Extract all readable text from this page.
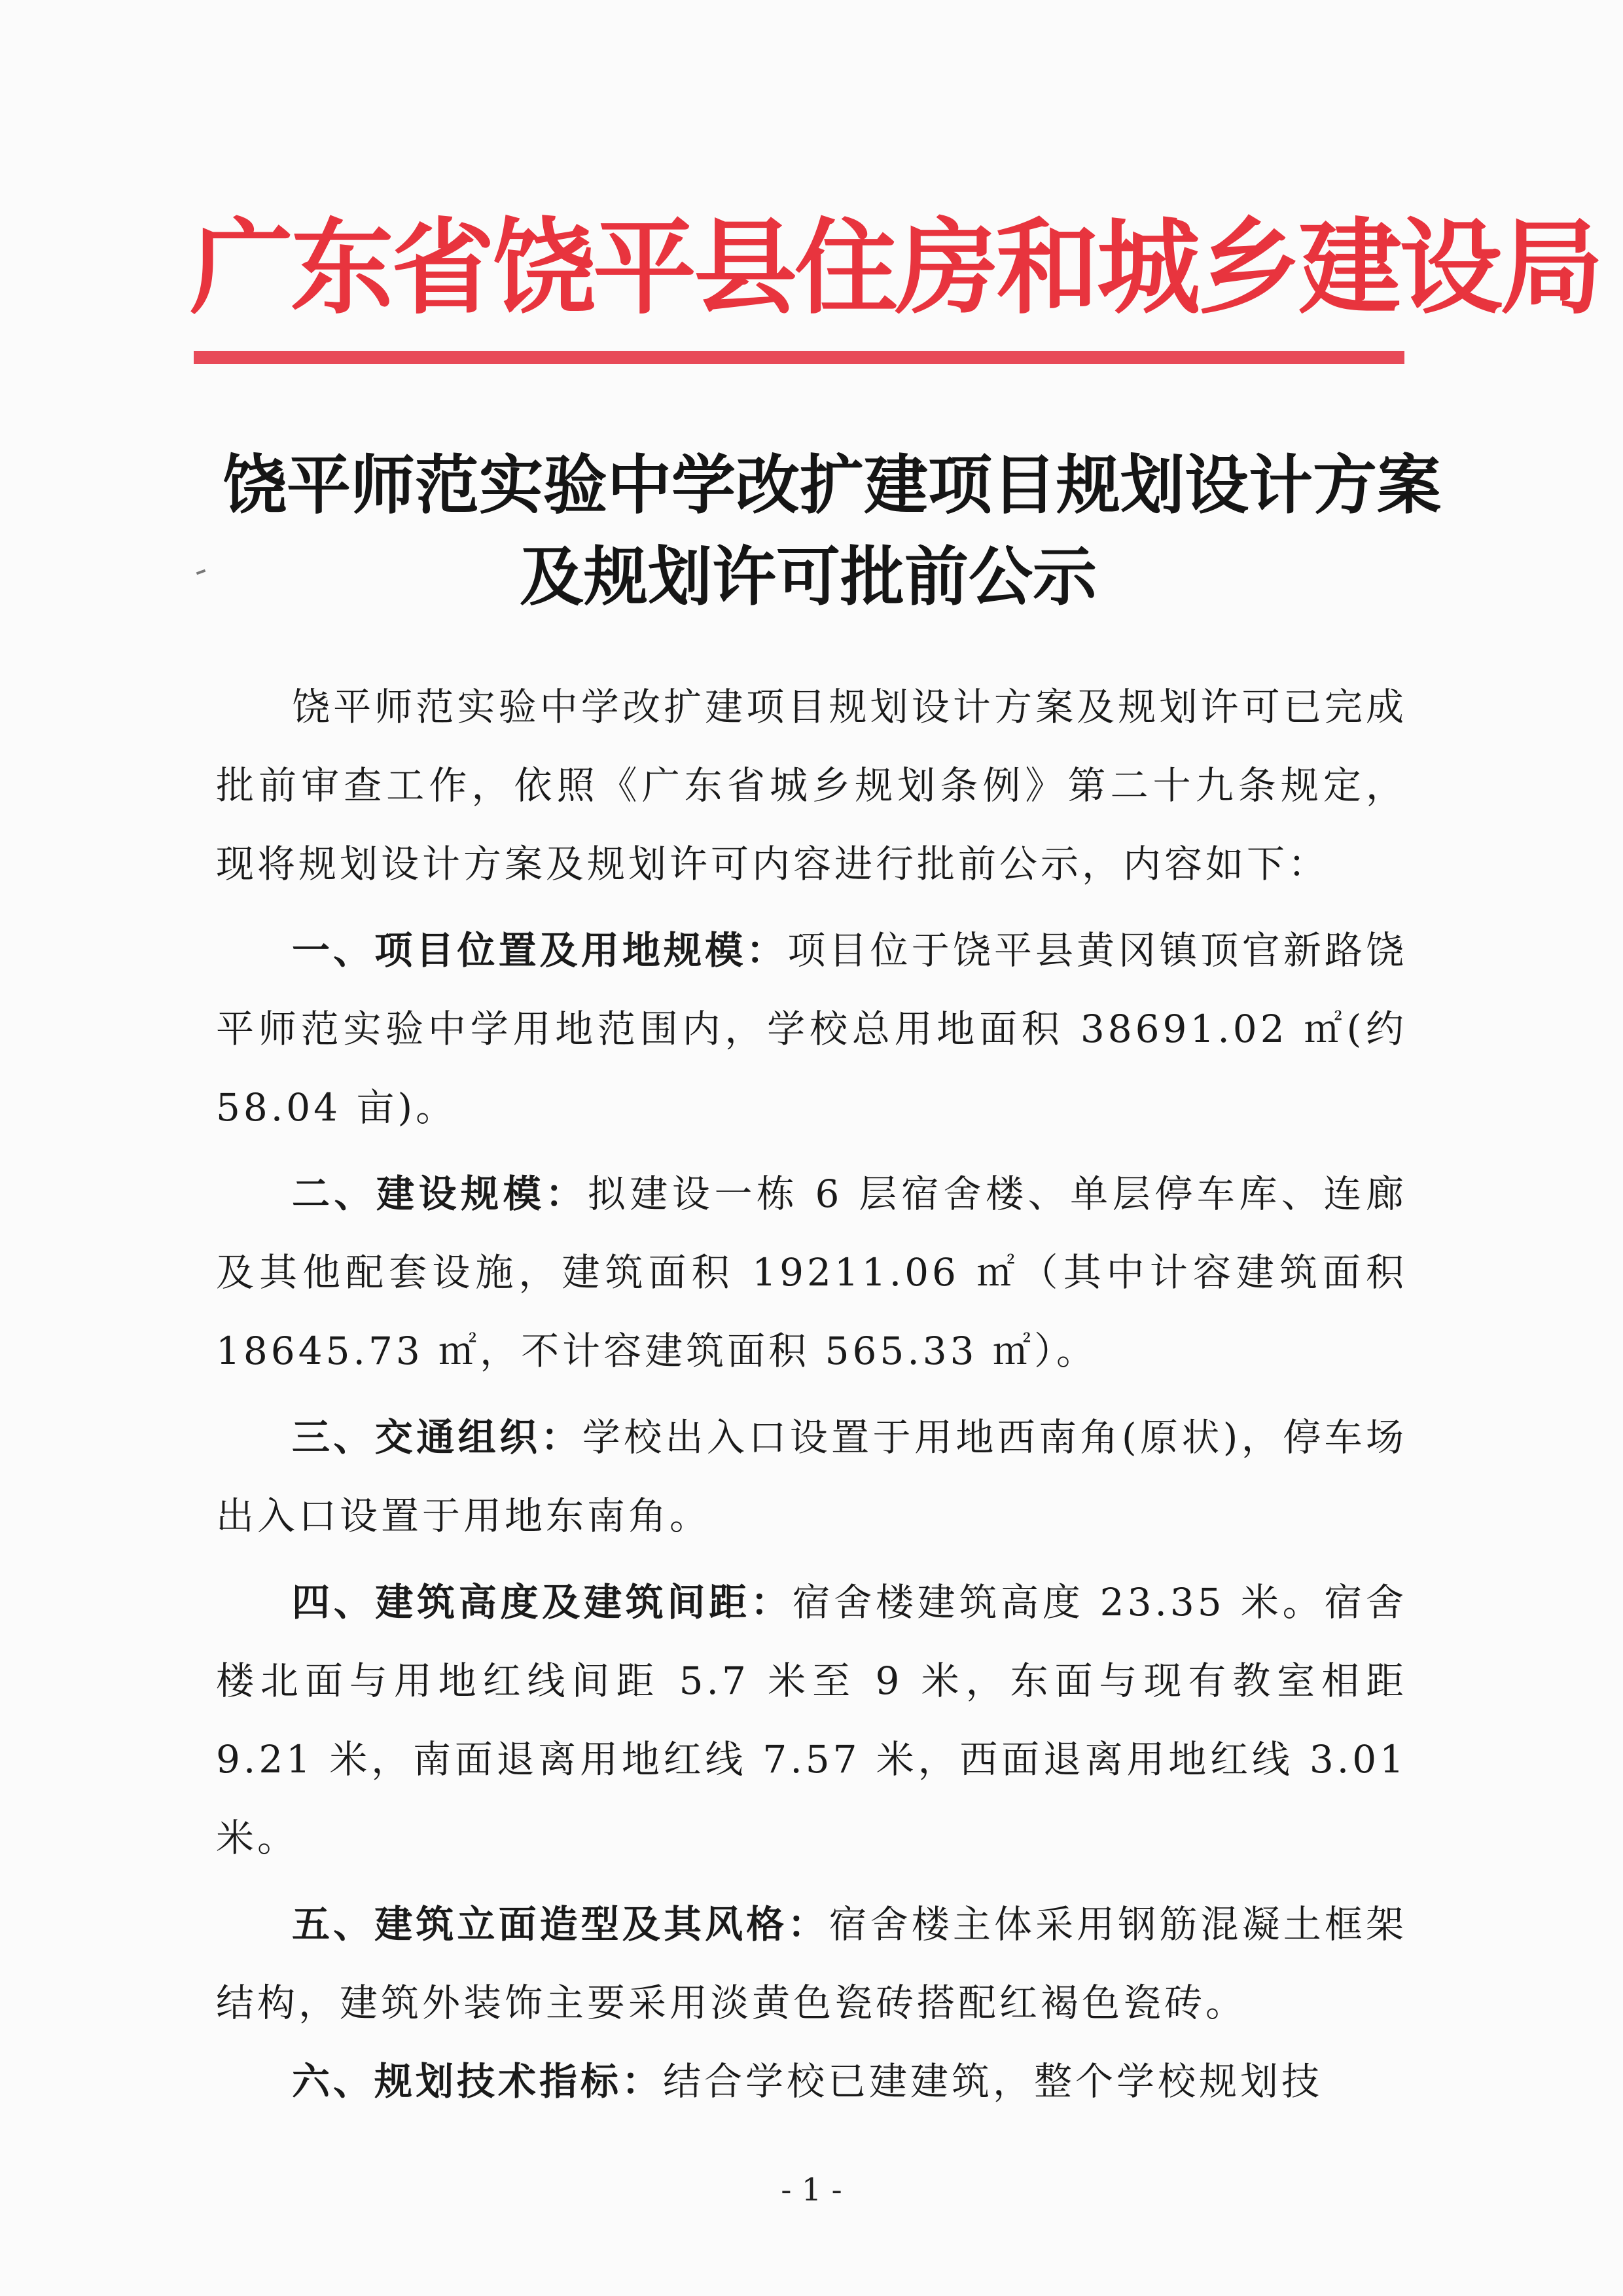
广东省饶平县住房和城乡建设局
饶平师范实验中学改扩建项目规划设计方案
及规划许可批前公示

饶平师范实验中学改扩建项目规划设计方案及规划许可已完成批前审查工作，依照《广东省城乡规划条例》第二十九条规定，现将规划设计方案及规划许可内容进行批前公示，内容如下：

一、项目位置及用地规模：项目位于饶平县黄冈镇顶官新路饶平师范实验中学用地范围内，学校总用地面积 38691.02 ㎡(约 58.04 亩)。

二、建设规模：拟建设一栋 6 层宿舍楼、单层停车库、连廊及其他配套设施，建筑面积 19211.06 ㎡（其中计容建筑面积 18645.73 ㎡，不计容建筑面积 565.33 ㎡）。

三、交通组织：学校出入口设置于用地西南角(原状)，停车场出入口设置于用地东南角。

四、建筑高度及建筑间距：宿舍楼建筑高度 23.35 米。宿舍楼北面与用地红线间距 5.7 米至 9 米，东面与现有教室相距 9.21 米，南面退离用地红线 7.57 米，西面退离用地红线 3.01 米。

五、建筑立面造型及其风格：宿舍楼主体采用钢筋混凝土框架结构，建筑外装饰主要采用淡黄色瓷砖搭配红褐色瓷砖。

六、规划技术指标：结合学校已建建筑，整个学校规划技

- 1 -
